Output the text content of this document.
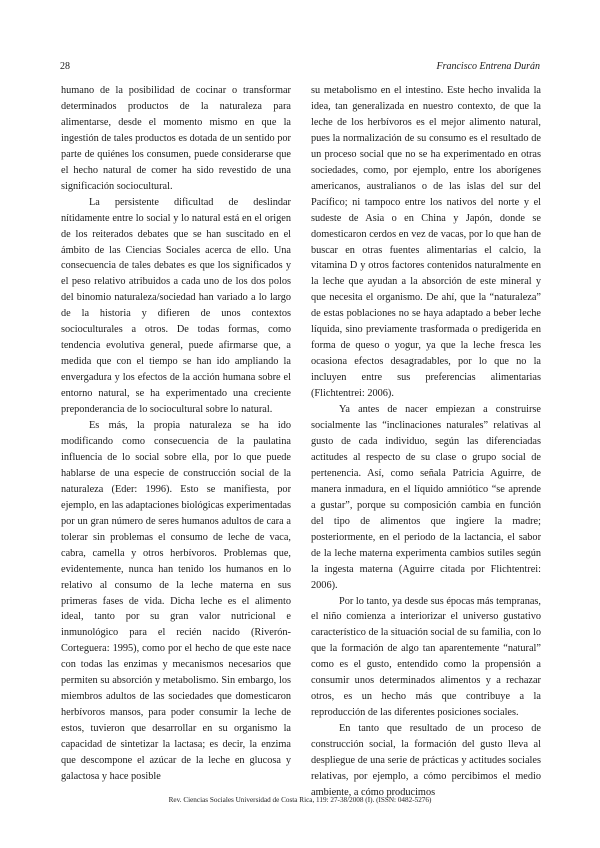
28	Francisco Entrena Durán

humano de la posibilidad de cocinar o transformar determinados productos de la naturaleza para alimentarse, desde el momento mismo en que la ingestión de tales productos es dotada de un sentido por parte de quiénes los consumen, puede considerarse que el hecho natural de comer ha sido revestido de una significación sociocultural.

La persistente dificultad de deslindar nítidamente entre lo social y lo natural está en el origen de los reiterados debates que se han suscitado en el ámbito de las Ciencias Sociales acerca de ello. Una consecuencia de tales debates es que los significados y el peso relativo atribuidos a cada uno de los dos polos del binomio naturaleza/sociedad han variado a lo largo de la historia y difieren de unos contextos socioculturales a otros. De todas formas, como tendencia evolutiva general, puede afirmarse que, a medida que con el tiempo se han ido ampliando la envergadura y los efectos de la acción humana sobre el entorno natural, se ha experimentado una creciente preponderancia de lo sociocultural sobre lo natural.

Es más, la propia naturaleza se ha ido modificando como consecuencia de la paulatina influencia de lo social sobre ella, por lo que puede hablarse de una especie de construcción social de la naturaleza (Eder: 1996). Esto se manifiesta, por ejemplo, en las adaptaciones biológicas experimentadas por un gran número de seres humanos adultos de cara a tolerar sin problemas el consumo de leche de vaca, cabra, camella y otros herbívoros. Problemas que, evidentemente, nunca han tenido los humanos en lo relativo al consumo de la leche materna en sus primeras fases de vida. Dicha leche es el alimento ideal, tanto por su gran valor nutricional e inmunológico para el recién nacido (Riverón-Corteguera: 1995), como por el hecho de que este nace con todas las enzimas y mecanismos necesarios que permiten su absorción y metabolismo. Sin embargo, los miembros adultos de las sociedades que domesticaron herbívoros mansos, para poder consumir la leche de estos, tuvieron que desarrollar en su organismo la capacidad de sintetizar la lactasa; es decir, la enzima que descompone el azúcar de la leche en glucosa y galactosa y hace posible

su metabolismo en el intestino. Este hecho invalida la idea, tan generalizada en nuestro contexto, de que la leche de los herbívoros es el mejor alimento natural, pues la normalización de su consumo es el resultado de un proceso social que no se ha experimentado en otras sociedades, como, por ejemplo, entre los aborígenes americanos, australianos o de las islas del sur del Pacífico; ni tampoco entre los nativos del norte y el sudeste de Asia o en China y Japón, donde se domesticaron cerdos en vez de vacas, por lo que han de buscar en otras fuentes alimentarias el calcio, la vitamina D y otros factores contenidos naturalmente en la leche que ayudan a la absorción de este mineral y que necesita el organismo. De ahí, que la “naturaleza” de estas poblaciones no se haya adaptado a beber leche líquida, sino previamente trasformada o predigerida en forma de queso o yogur, ya que la leche fresca les ocasiona efectos desagradables, por lo que no la incluyen entre sus preferencias alimentarias (Flichtentrei: 2006).

Ya antes de nacer empiezan a construirse socialmente las “inclinaciones naturales” relativas al gusto de cada individuo, según las diferenciadas actitudes al respecto de su clase o grupo social de pertenencia. Así, como señala Patricia Aguirre, de manera inmadura, en el líquido amniótico “se aprende a gustar”, porque su composición cambia en función del tipo de alimentos que ingiere la madre; posteriormente, en el periodo de la lactancia, el sabor de la leche materna experimenta cambios sutiles según la ingesta materna (Aguirre citada por Flichtentrei: 2006).

Por lo tanto, ya desde sus épocas más tempranas, el niño comienza a interiorizar el universo gustativo característico de la situación social de su familia, con lo que la formación de algo tan aparentemente “natural” como es el gusto, entendido como la propensión a consumir unos determinados alimentos y a rechazar otros, es un hecho más que contribuye a la reproducción de las diferentes posiciones sociales.

En tanto que resultado de un proceso de construcción social, la formación del gusto lleva al despliegue de una serie de prácticas y actitudes sociales relativas, por ejemplo, a cómo percibimos el medio ambiente, a cómo producimos

Rev. Ciencias Sociales Universidad de Costa Rica, 119: 27-38/2008 (I). (ISSN: 0482-5276)
